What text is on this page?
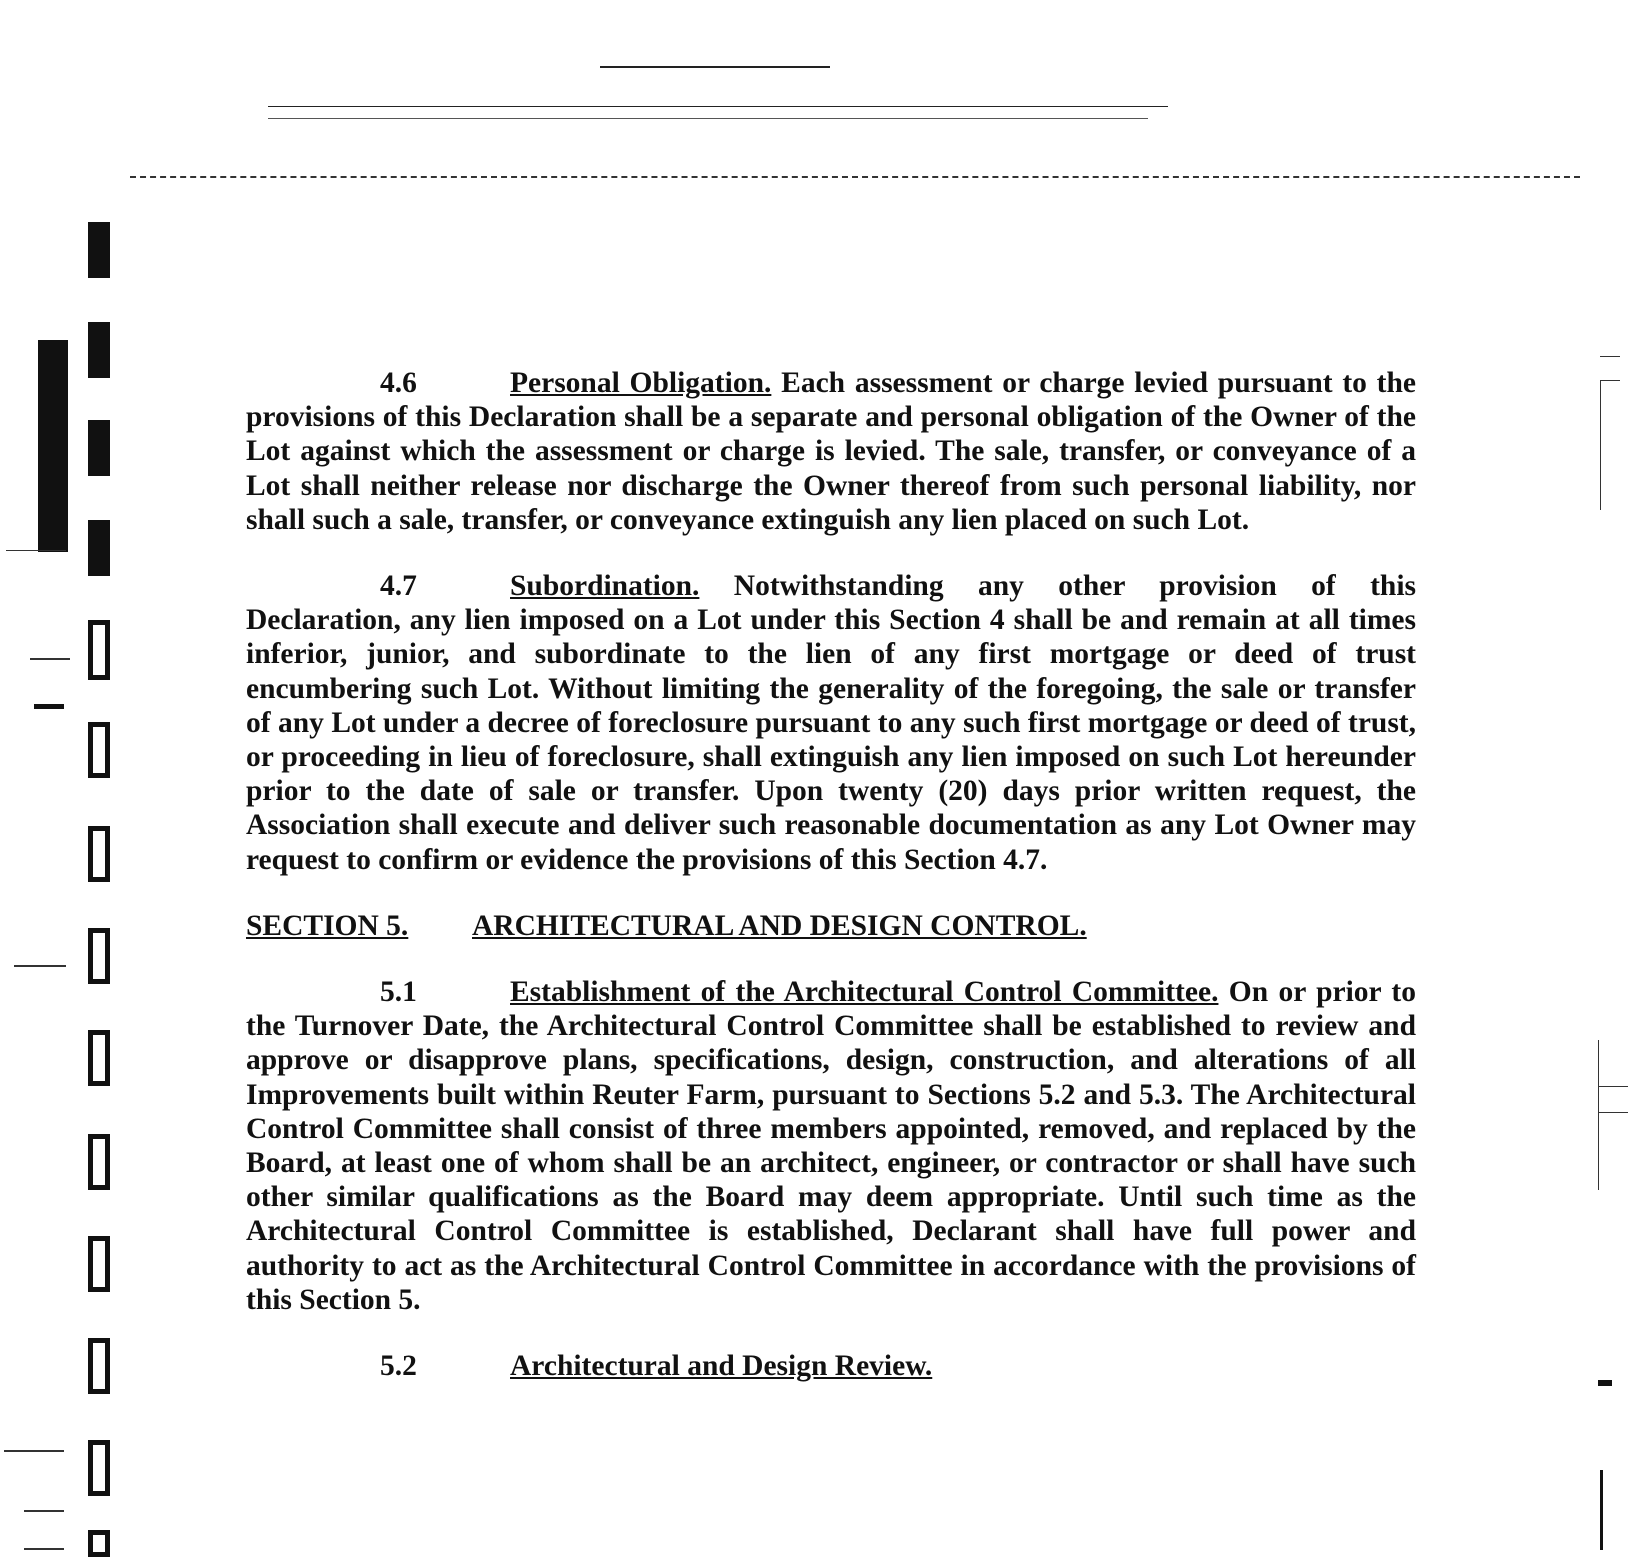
4.6	Personal Obligation. Each assessment or charge levied pursuant to the provisions of this Declaration shall be a separate and personal obligation of the Owner of the Lot against which the assessment or charge is levied. The sale, transfer, or conveyance of a Lot shall neither release nor discharge the Owner thereof from such personal liability, nor shall such a sale, transfer, or conveyance extinguish any lien placed on such Lot.

4.7	Subordination. Notwithstanding any other provision of this Declaration, any lien imposed on a Lot under this Section 4 shall be and remain at all times inferior, junior, and subordinate to the lien of any first mortgage or deed of trust encumbering such Lot. Without limiting the generality of the foregoing, the sale or transfer of any Lot under a decree of foreclosure pursuant to any such first mortgage or deed of trust, or proceeding in lieu of foreclosure, shall extinguish any lien imposed on such Lot hereunder prior to the date of sale or transfer. Upon twenty (20) days prior written request, the Association shall execute and deliver such reasonable documentation as any Lot Owner may request to confirm or evidence the provisions of this Section 4.7.

SECTION 5. ARCHITECTURAL AND DESIGN CONTROL.

5.1	Establishment of the Architectural Control Committee. On or prior to the Turnover Date, the Architectural Control Committee shall be established to review and approve or disapprove plans, specifications, design, construction, and alterations of all Improvements built within Reuter Farm, pursuant to Sections 5.2 and 5.3. The Architectural Control Committee shall consist of three members appointed, removed, and replaced by the Board, at least one of whom shall be an architect, engineer, or contractor or shall have such other similar qualifications as the Board may deem appropriate. Until such time as the Architectural Control Committee is established, Declarant shall have full power and authority to act as the Architectural Control Committee in accordance with the provisions of this Section 5.

5.2	Architectural and Design Review.
